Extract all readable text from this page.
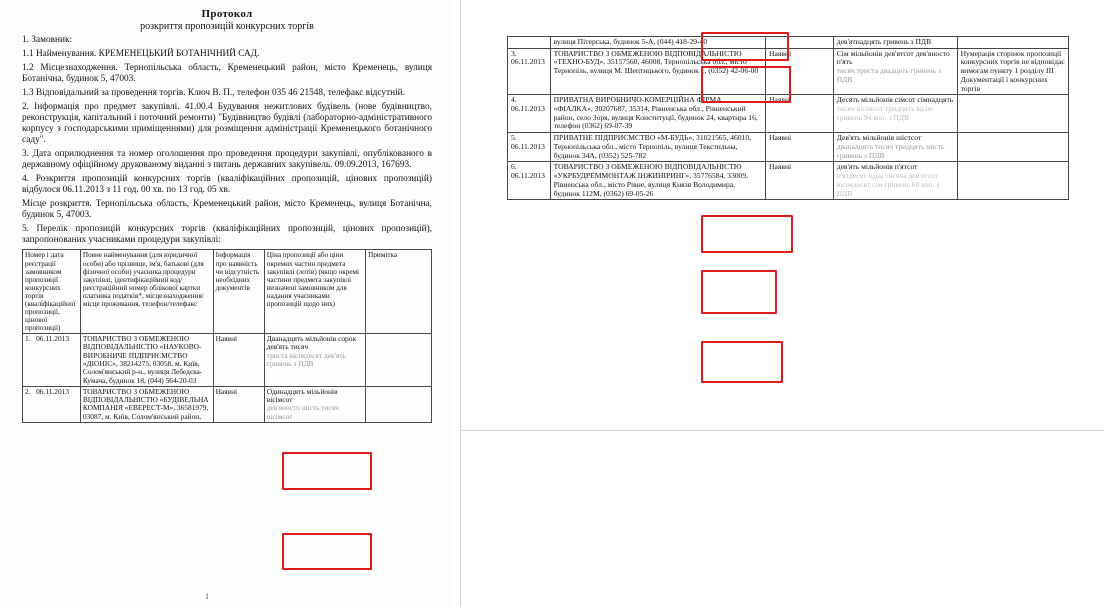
Протокол
розкриття пропозицій конкурсних торгів
1. Замовник:
1.1 Найменування. КРЕМЕНЕЦЬКИЙ БОТАНІЧНИЙ САД.
1.2 Місцезнаходження. Тернопільська область, Кременецький район, місто Кременець, вулиця Ботанічна, будинок 5, 47003.
1.3 Відповідальний за проведення торгів. Ключ В. П., телефон 035 46 21548, телефакс відсутній.
2. Інформація про предмет закупівлі. 41.00.4 Будування нежитлових будівель (нове будівництво, реконструкція, капітальний і поточний ремонти) "Будівництво будівлі (лабораторно-адміністративного корпусу з господарськими приміщеннями) для розміщення адміністрації Кременецького ботанічного саду".
3. Дата оприлюднення та номер оголошення про проведення процедури закупівлі, опублікованого в державному офіційному друкованому виданні з питань державних закупівель. 09.09.2013, 167693.
4. Розкриття пропозицій конкурсних торгів (кваліфікаційних пропозицій, цінових пропозицій) відбулося 06.11.2013 з 11 год. 00 хв. по 13 год. 05 хв.
Місце розкриття. Тернопільська область, Кременецький район, місто Кременець, вулиця Ботанічна, будинок 5, 47003.
5. Перелік пропозицій конкурсних торгів (кваліфікаційних пропозицій, цінових пропозицій), запропонованих учасниками процедури закупівлі:
Номер і дата реєстрації замовником пропозиції конкурсних торгів (кваліфікаційної пропозиції, цінової пропозиції)	Повне найменування (для юридичної особи) або прізвище, ім'я, батькові (для фізичної особи) учасника процедури закупівлі, ідентифікаційний код/ реєстраційний номер облікової картки платника податків*, місцезнаходження/місце проживання, телефон/телефакс	Інформація про наявність чи відсутність необхідних документів	Ціна пропозиції або ціни окремих частин предмета закупівлі (лотів) (якщо окремі частини предмета закупівлі визначені замовником для надання учасниками пропозицій щодо них)	Примітка
1. 06.11.2013	ТОВАРИСТВО З ОБМЕЖЕНОЮ ВІДПОВІДАЛЬНІСТЮ «НАУКОВО-ВИРОБНИЧЕ ПІДПРИЄМСТВО «ДІОНІС», 38214275, 03058, м. Київ, Солом'янський р-н., вулиця Лебедєва-Кумача, будинок 18, (044) 564-20-03	Наявні	Дванадцять мільйонів сорок дев'ять тисяч
триста вісімдесят дев'ять гривень з ПДВ	

2. 06.11.2013	ТОВАРИСТВО З ОБМЕЖЕНОЮ ВІДПОВІДАЛЬНІСТЮ «БУДІВЕЛЬНА КОМПАНІЯ «ЕВЕРЕСТ-М», 36581979, 03087, м. Київ, Солом'янський район,	Наявні	Одинадцять мільйонів вісімсот
дев'яносто шість тисяч вісімсот	

1
	вулиця Пітерська, будинок 5-А, (044) 418-29-40		дев'ятнадцять гривень з ПДВ	

3.
06.11.2013
	ТОВАРИСТВО З ОБМЕЖЕНОЮ ВІДПОВІДАЛЬНІСТЮ «ТЕХНО-БУД», 35157560, 46008, Тернопільська обл., місто Тернопіль, вулиця М. Шептицького, будинок 1, (0352) 42-06-00	Наявні	Сім мільйонів дев'ятсот дев'яносто п'ять
тисяч триста двадцять гривень з ПДВ
	Нумерація сторінок пропозиції конкурсних торгів не відповідає вимогам пункту 1 розділу III Документації і конкурсних торгів

4.
06.11.2013
	ПРИВАТНА ВИРОБНИЧО-КОМЕРЦІЙНА ФІРМА «ФІАЛКА», 30207687, 35314, Рівненська обл., Рівненський район, село Зоря, вулиця Конституції, будинок 24, квартира 16, телефон (0362) 69-07-39	Наявні	Десять мільйонів сімсот сімнадцять
тисяч вісімсот тридцять вісім гривень 94 коп. з ПДВ

5.
06.11.2013
	ПРИВАТНЕ ПІДПРИЄМСТВО «М-БУДЬ», 31021565, 46010, Тернопільська обл., місто Тернопіль, вулиця Текстильна, будинок 34А, (0352) 525-782	Наявні	Дев'ять мільйонів шістсот
дванадцять тисяч тридцять шість гривень з ПДВ

6.
06.11.2013
	ТОВАРИСТВО З ОБМЕЖЕНОЮ ВІДПОВІДАЛЬНІСТЮ «УКРБУДРЕММОНТАЖ ІНЖИНІРИНГ», 35776584, 33009, Рівненська обл., місто Рівне, вулиця Князя Володимира, будинок 112М, (0362) 69-05-26	Наявні	дев'ять мільйонів п'ятсот
п'ятдесят одна тисяча дев'ятсот вісімдесят сім гривень 60 коп. з ПДВ
